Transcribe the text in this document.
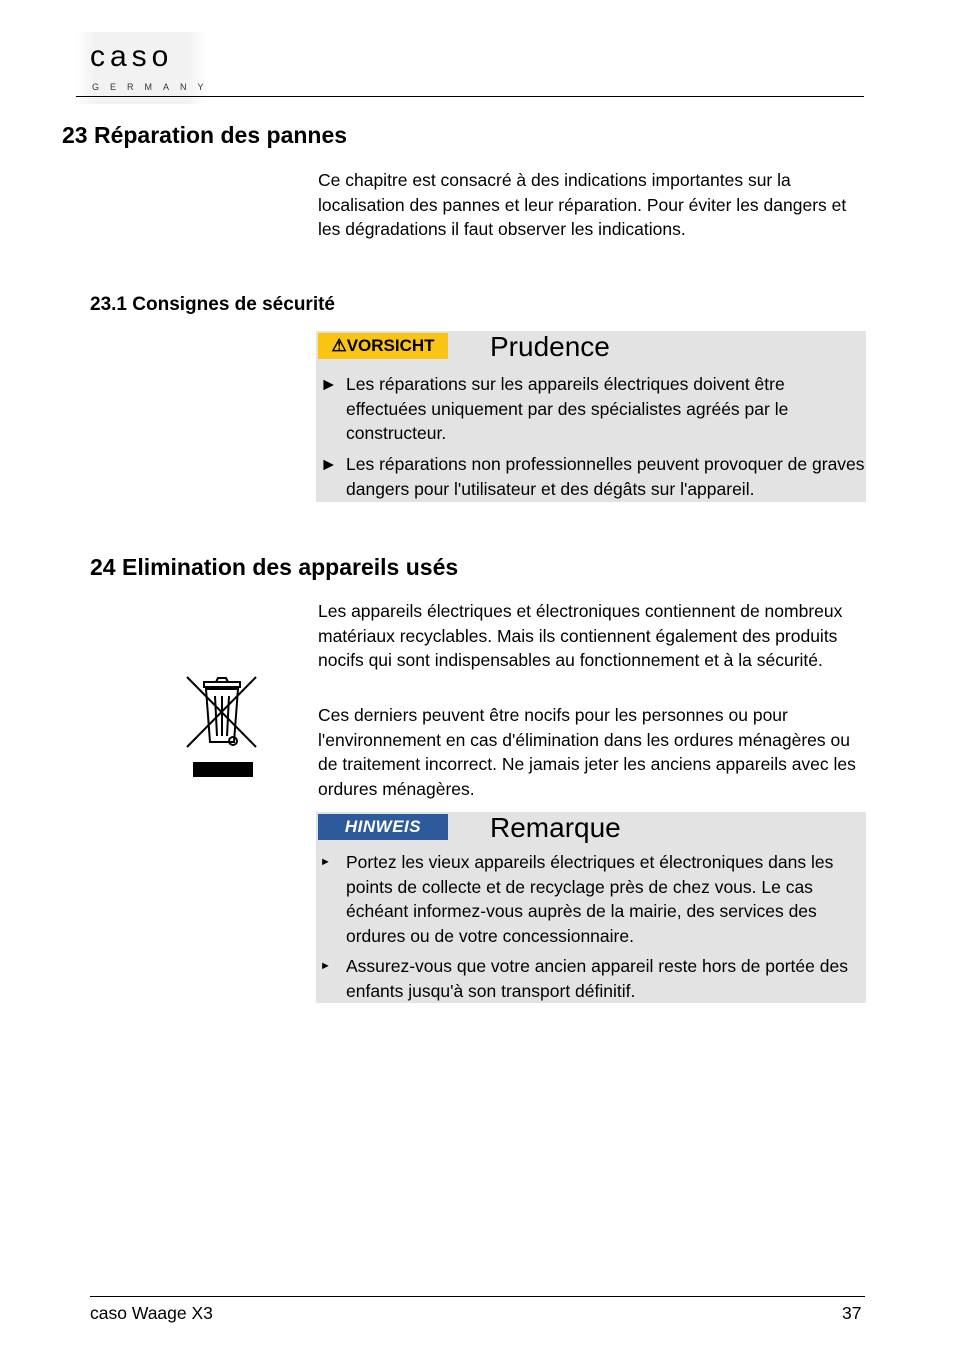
caso
GERMANY
23 Réparation des pannes
Ce chapitre est consacré à des indications importantes sur la localisation des pannes et leur réparation. Pour éviter les dangers et les dégradations il faut observer les indications.
23.1 Consignes de sécurité
⚠VORSICHT	Prudence
► Les réparations sur les appareils électriques doivent être effectuées uniquement par des spécialistes agréés par le constructeur.
► Les réparations non professionnelles peuvent provoquer de graves dangers pour l'utilisateur et des dégâts sur l'appareil.
24 Elimination des appareils usés
Les appareils électriques et électroniques contiennent de nombreux matériaux recyclables. Mais ils contiennent également des produits nocifs qui sont indispensables au fonctionnement et à la sécurité.
Ces derniers peuvent être nocifs pour les personnes ou pour l'environnement en cas d'élimination dans les ordures ménagères ou de traitement incorrect. Ne jamais jeter les anciens appareils avec les ordures ménagères.
HINWEIS	Remarque
► Portez les vieux appareils électriques et électroniques dans les points de collecte et de recyclage près de chez vous. Le cas échéant informez-vous auprès de la mairie, des services des ordures ou de votre concessionnaire.
► Assurez-vous que votre ancien appareil reste hors de portée des enfants jusqu'à son transport définitif.
caso Waage X3	37
